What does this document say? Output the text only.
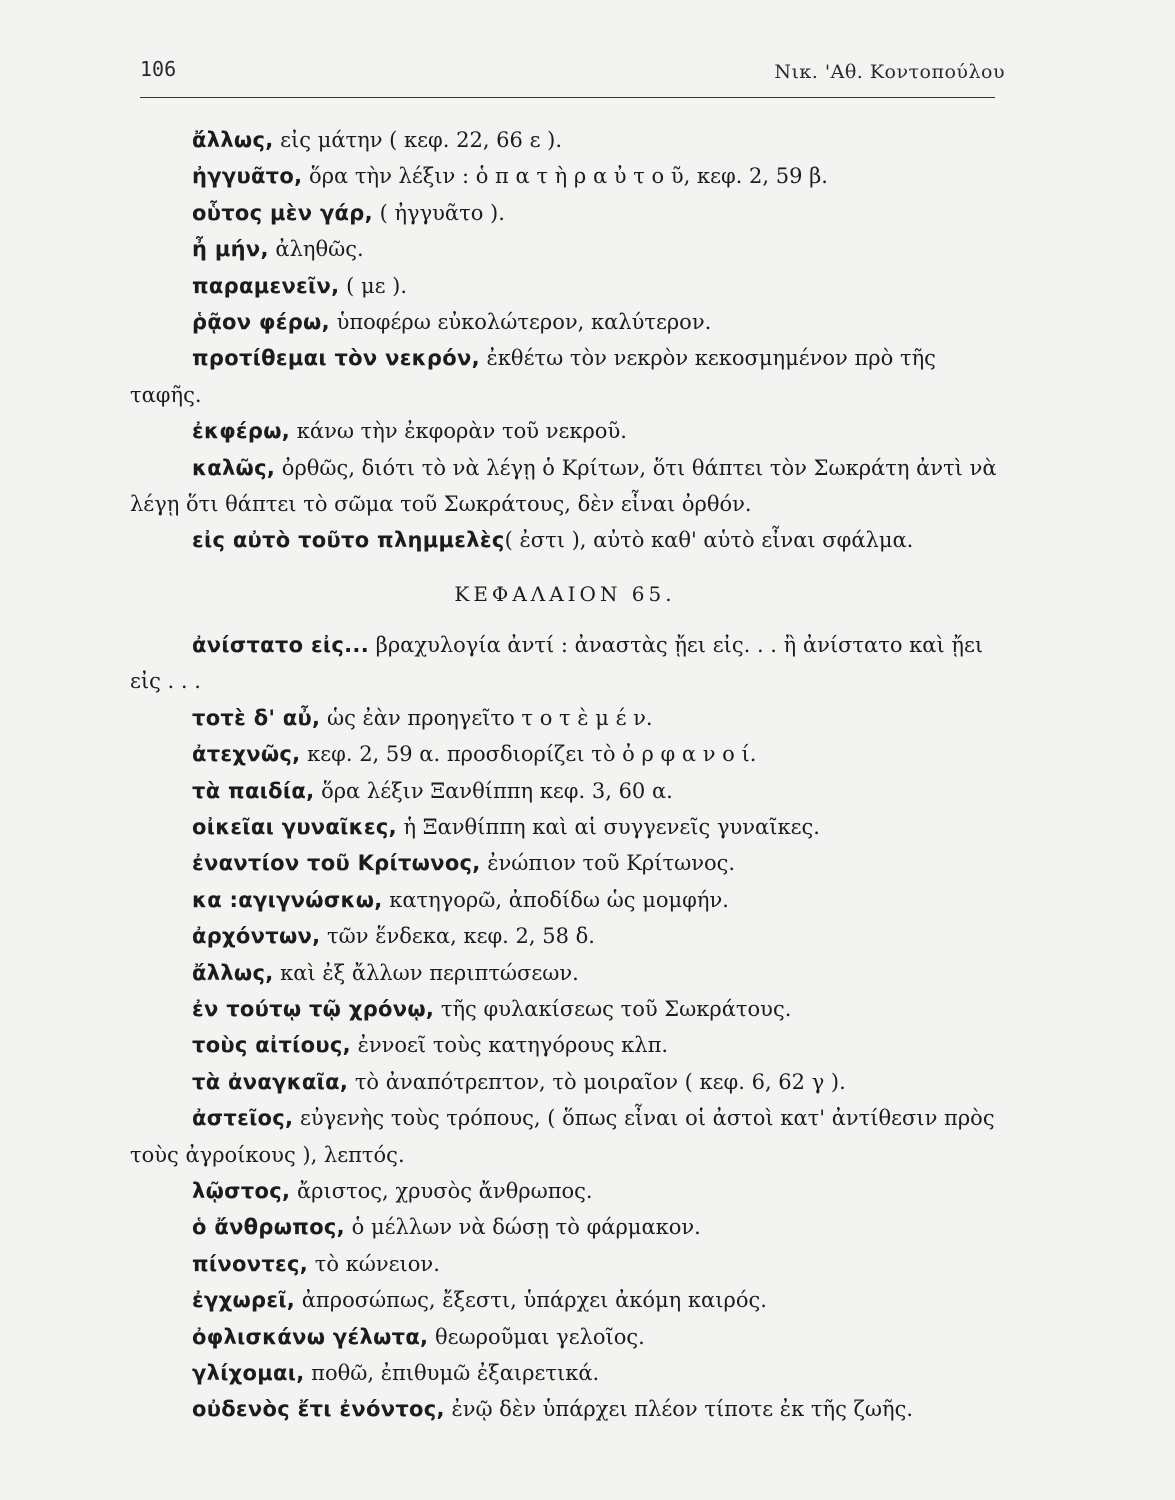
106	Νικ. 'Αθ. Κοντοπούλου

ἄλλως, εἰς μάτην ( κεφ. 22, 66 ε ).

ἠγγυᾶτο, ὅρα τὴν λέξιν : ὁ π α τ ὴ ρ α ὐ τ ο ῦ, κεφ. 2, 59 β.

οὗτος μὲν γάρ, ( ἠγγυᾶτο ).

ἦ μήν, ἀληθῶς.

παραμενεῖν, ( με ).

ῥᾷον φέρω, ὑποφέρω εὐκολώτερον, καλύτερον.

προτίθεμαι τὸν νεκρόν, ἐκθέτω τὸν νεκρὸν κεκοσμημένον πρὸ τῆς ταφῆς.

ἐκφέρω, κάνω τὴν ἐκφορὰν τοῦ νεκροῦ.

καλῶς, ὀρθῶς, διότι τὸ νὰ λέγῃ ὁ Κρίτων, ὅτι θάπτει τὸν Σωκράτη ἀντὶ νὰ λέγῃ ὅτι θάπτει τὸ σῶμα τοῦ Σωκράτους, δὲν εἶναι ὀρθόν.

εἰς αὐτὸ τοῦτο πλημμελὲς( ἐστι ), αὐτὸ καθ' αὑτὸ εἶναι σφάλμα.

ΚΕΦΑΛΑΙΟΝ 65.

ἀνίστατο εἰς... βραχυλογία ἀντί : ἀναστὰς ᾔει εἰς. . . ἢ ἀνίστατο καὶ ᾔει εἰς . . .

τοτὲ δ' αὖ, ὡς ἐὰν προηγεῖτο τ ο τ ὲ μ έ ν.

ἀτεχνῶς, κεφ. 2, 59 α. προσδιορίζει τὸ ὀ ρ φ α ν ο ί.

τὰ παιδία, ὅρα λέξιν Ξανθίππη κεφ. 3, 60 α.

οἰκεῖαι γυναῖκες, ἡ Ξανθίππη καὶ αἱ συγγενεῖς γυναῖκες.

ἐναντίον τοῦ Κρίτωνος, ἐνώπιον τοῦ Κρίτωνος.

κα :αγιγνώσκω, κατηγορῶ, ἀποδίδω ὡς μομφήν.

ἀρχόντων, τῶν ἕνδεκα, κεφ. 2, 58 δ.

ἄλλως, καὶ ἐξ ἄλλων περιπτώσεων.

ἐν τούτῳ τῷ χρόνῳ, τῆς φυλακίσεως τοῦ Σωκράτους.

τοὺς αἰτίους, ἐννοεῖ τοὺς κατηγόρους κλπ.

τὰ ἀναγκαῖα, τὸ ἀναπότρεπτον, τὸ μοιραῖον ( κεφ. 6, 62 γ ).

ἀστεῖος, εὐγενὴς τοὺς τρόπους, ( ὅπως εἶναι οἱ ἀστοὶ κατ' ἀντίθεσιν πρὸς τοὺς ἀγροίκους ), λεπτός.

λῷστος, ἄριστος, χρυσὸς ἄνθρωπος.

ὁ ἄνθρωπος, ὁ μέλλων νὰ δώσῃ τὸ φάρμακον.

πίνοντες, τὸ κώνειον.

ἐγχωρεῖ, ἀπροσώπως, ἔξεστι, ὑπάρχει ἀκόμη καιρός.

ὀφλισκάνω γέλωτα, θεωροῦμαι γελοῖος.

γλίχομαι, ποθῶ, ἐπιθυμῶ ἐξαιρετικά.

οὐδενὸς ἔτι ἐνόντος, ἐνῷ δὲν ὑπάρχει πλέον τίποτε ἐκ τῆς ζωῆς.
